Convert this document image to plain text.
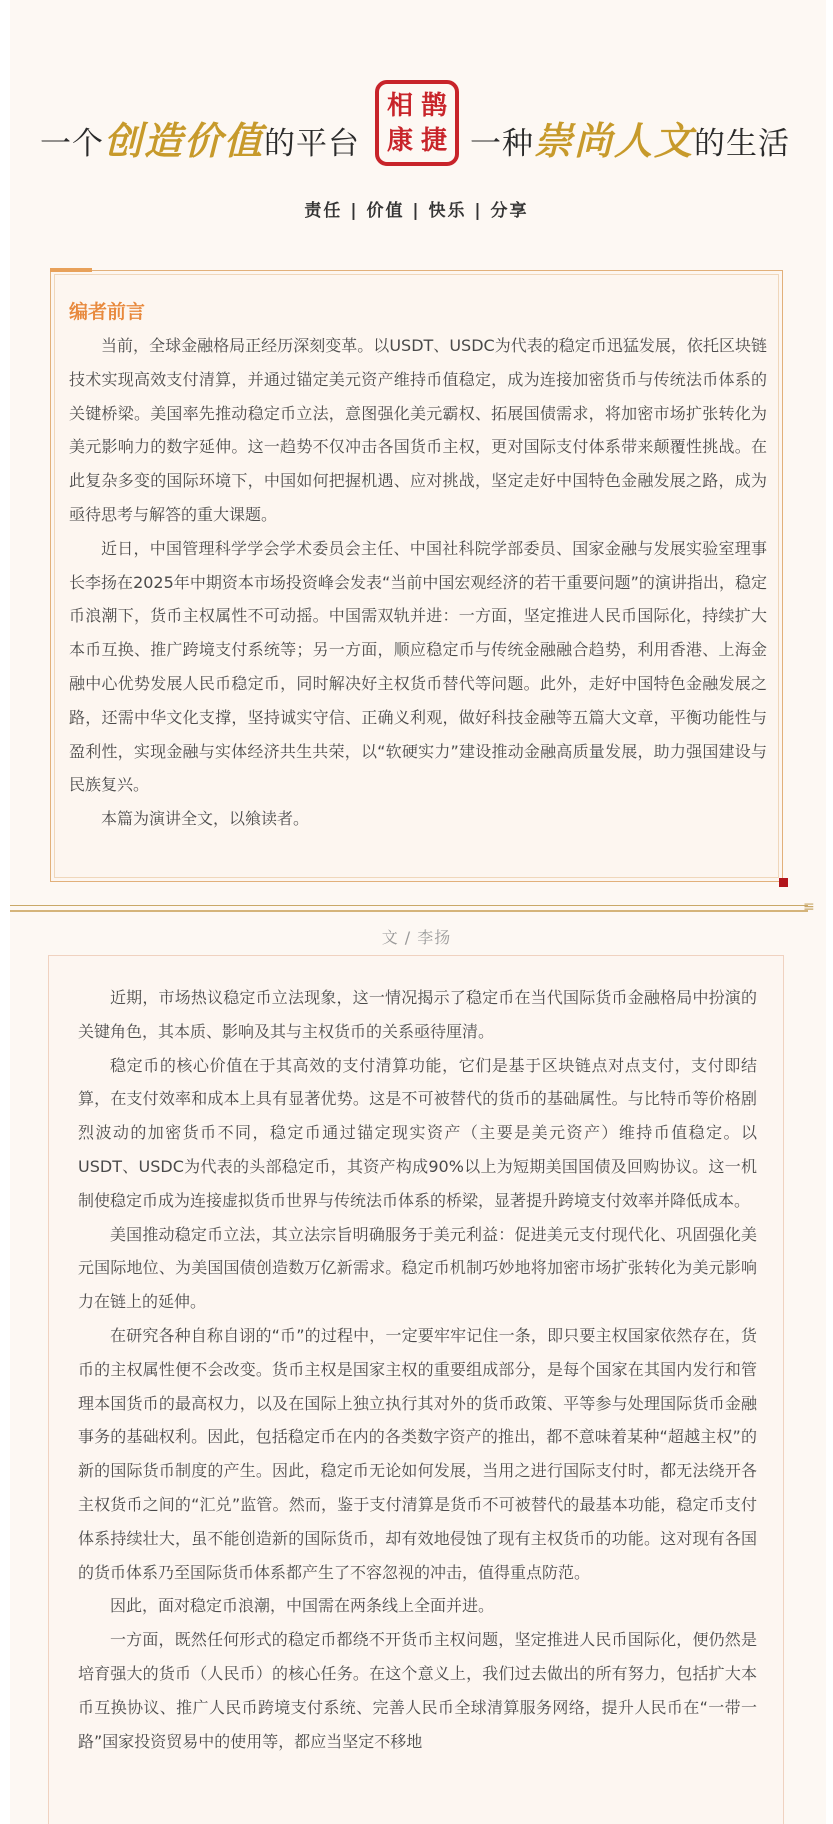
一个创造价值的平台
相 鹊
康 捷 一种崇尚人文的生活
责任 | 价值 | 快乐 | 分享
编者前言

当前，全球金融格局正经历深刻变革。以USDT、USDC为代表的稳定币迅猛发展，依托区块链技术实现高效支付清算，并通过锚定美元资产维持币值稳定，成为连接加密货币与传统法币体系的关键桥梁。美国率先推动稳定币立法，意图强化美元霸权、拓展国债需求，将加密市场扩张转化为美元影响力的数字延伸。这一趋势不仅冲击各国货币主权，更对国际支付体系带来颠覆性挑战。在此复杂多变的国际环境下，中国如何把握机遇、应对挑战，坚定走好中国特色金融发展之路，成为亟待思考与解答的重大课题。

近日，中国管理科学学会学术委员会主任、中国社科院学部委员、国家金融与发展实验室理事长李扬在2025年中期资本市场投资峰会发表“当前中国宏观经济的若干重要问题”的演讲指出，稳定币浪潮下，货币主权属性不可动摇。中国需双轨并进：一方面，坚定推进人民币国际化，持续扩大本币互换、推广跨境支付系统等；另一方面，顺应稳定币与传统金融融合趋势，利用香港、上海金融中心优势发展人民币稳定币，同时解决好主权货币替代等问题。此外，走好中国特色金融发展之路，还需中华文化支撑，坚持诚实守信、正确义利观，做好科技金融等五篇大文章，平衡功能性与盈利性，实现金融与实体经济共生共荣，以“软硬实力”建设推动金融高质量发展，助力强国建设与民族复兴。

本篇为演讲全文，以飨读者。

≡
文 / 李扬

近期，市场热议稳定币立法现象，这一情况揭示了稳定币在当代国际货币金融格局中扮演的关键角色，其本质、影响及其与主权货币的关系亟待厘清。

稳定币的核心价值在于其高效的支付清算功能，它们是基于区块链点对点支付，支付即结算，在支付效率和成本上具有显著优势。这是不可被替代的货币的基础属性。与比特币等价格剧烈波动的加密货币不同，稳定币通过锚定现实资产（主要是美元资产）维持币值稳定。以USDT、USDC为代表的头部稳定币，其资产构成90%以上为短期美国国债及回购协议。这一机制使稳定币成为连接虚拟货币世界与传统法币体系的桥梁，显著提升跨境支付效率并降低成本。

美国推动稳定币立法，其立法宗旨明确服务于美元利益：促进美元支付现代化、巩固强化美元国际地位、为美国国债创造数万亿新需求。稳定币机制巧妙地将加密市场扩张转化为美元影响力在链上的延伸。

在研究各种自称自诩的“币”的过程中，一定要牢牢记住一条，即只要主权国家依然存在，货币的主权属性便不会改变。货币主权是国家主权的重要组成部分，是每个国家在其国内发行和管理本国货币的最高权力，以及在国际上独立执行其对外的货币政策、平等参与处理国际货币金融事务的基础权利。因此，包括稳定币在内的各类数字资产的推出，都不意味着某种“超越主权”的新的国际货币制度的产生。因此，稳定币无论如何发展，当用之进行国际支付时，都无法绕开各主权货币之间的“汇兑”监管。然而，鉴于支付清算是货币不可被替代的最基本功能，稳定币支付体系持续壮大，虽不能创造新的国际货币，却有效地侵蚀了现有主权货币的功能。这对现有各国的货币体系乃至国际货币体系都产生了不容忽视的冲击，值得重点防范。

因此，面对稳定币浪潮，中国需在两条线上全面并进。

一方面，既然任何形式的稳定币都绕不开货币主权问题，坚定推进人民币国际化，便仍然是培育强大的货币（人民币）的核心任务。在这个意义上，我们过去做出的所有努力，包括扩大本币互换协议、推广人民币跨境支付系统、完善人民币全球清算服务网络，提升人民币在“一带一路”国家投资贸易中的使用等，都应当坚定不移地
